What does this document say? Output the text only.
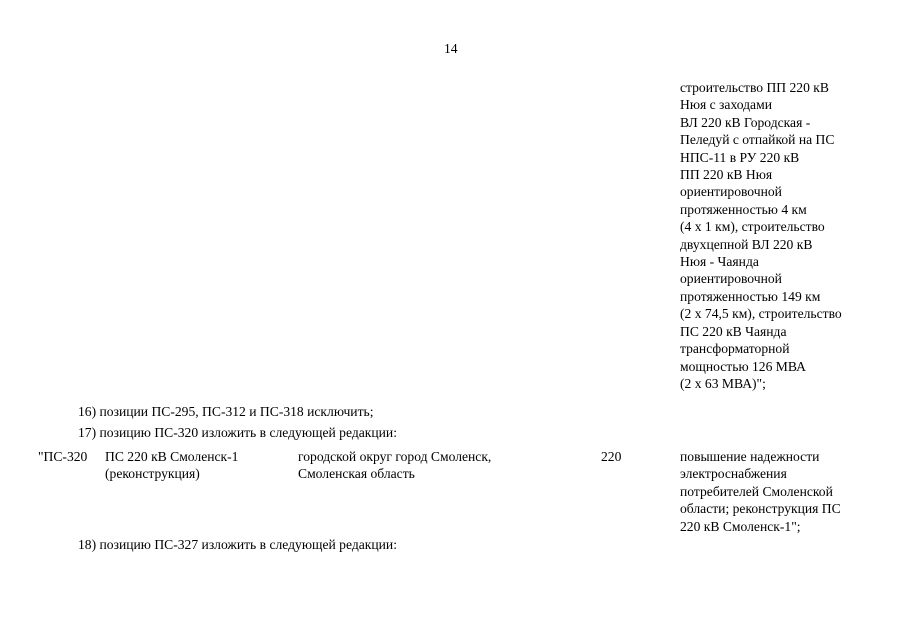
14
строительство ПП 220 кВ
Нюя с заходами
ВЛ 220 кВ Городская -
Пеледуй с отпайкой на ПС
НПС-11 в РУ 220 кВ
ПП 220 кВ Нюя
ориентировочной
протяженностью 4 км
(4 x 1 км), строительство
двухцепной ВЛ 220 кВ
Нюя - Чаянда
ориентировочной
протяженностью 149 км
(2 x 74,5 км), строительство
ПС 220 кВ Чаянда
трансформаторной
мощностью 126 МВА
(2 x 63 МВА)";
16) позиции ПС-295, ПС-312 и ПС-318 исключить;
17) позицию ПС-320 изложить в следующей редакции:
"ПС-320 ПС 220 кВ Смоленск-1
(реконструкция)
городской округ город Смоленск,
Смоленская область
220	повышение надежности
электроснабжения
потребителей Смоленской
области; реконструкция ПС
220 кВ Смоленск-1";
18) позицию ПС-327 изложить в следующей редакции:
